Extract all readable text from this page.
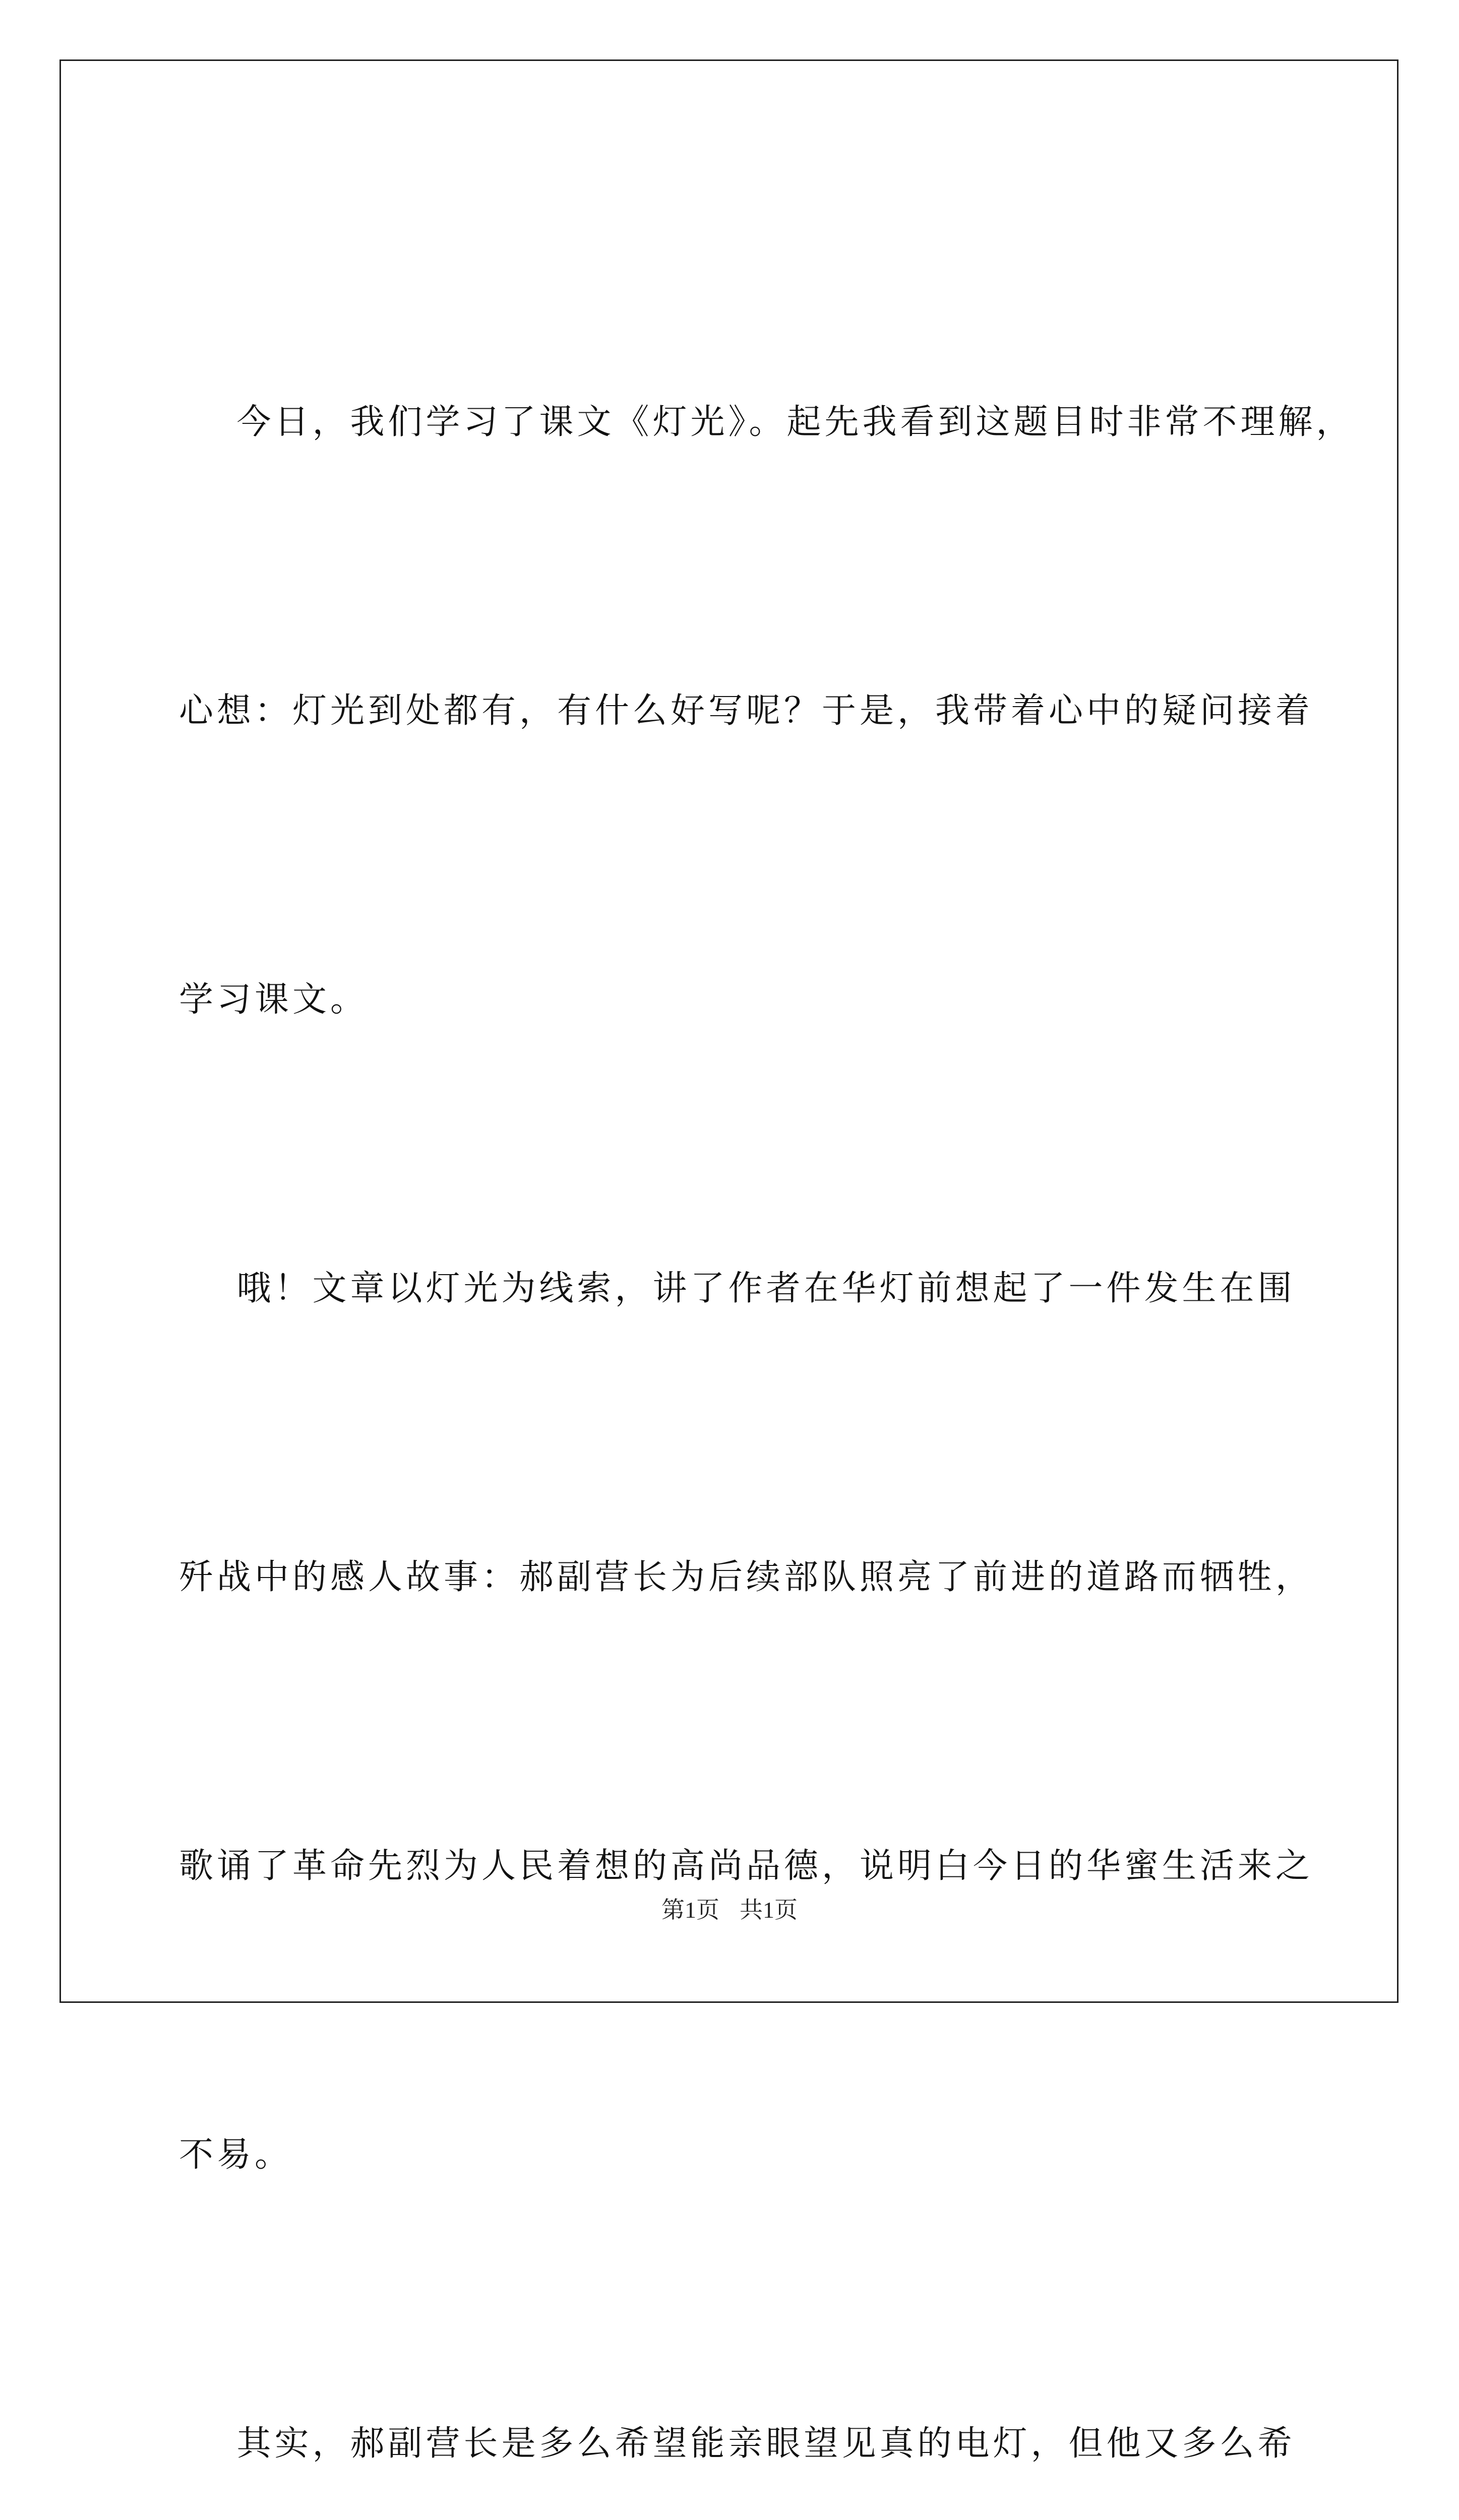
今日，我们学习了课文《灯光》。起先我看到这题目时非常不理解，

心想：灯光到处都有，有什么好写呢？于是，我带着心中的疑问接着

学习课文。

哦！文章以灯光为线索，讲了作者在华灯前想起了一件发生在围

歼战中的感人故事：郝副营长为后续部队照亮了前进的道路而牺牲，

歌诵了革命先烈为人民着想的高尚品德，说明白今日的华蜜生活来之

不易。

其实，郝副营长是多么希望能亲眼望见真的电灯，但他又多么希

第1页 共1页
